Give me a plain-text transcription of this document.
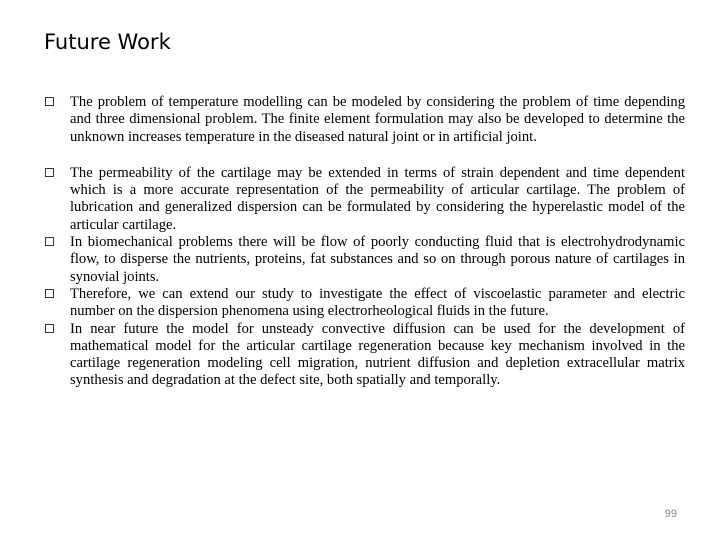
Future Work
The problem of temperature modelling can be modeled by considering the problem of time depending and three dimensional problem. The finite element formulation may also be developed to determine the unknown increases temperature in the diseased natural joint or in artificial joint.
The permeability of the cartilage may be extended in terms of strain dependent and time dependent which is a more accurate representation of the permeability of articular cartilage. The problem of lubrication and generalized dispersion can be formulated by considering the hyperelastic model of the articular cartilage.
In biomechanical problems there will be flow of poorly conducting fluid that is electrohydrodynamic flow, to disperse the nutrients, proteins, fat substances and so on through porous nature of cartilages in synovial joints.
Therefore, we can extend our study to investigate the effect of viscoelastic parameter and electric number on the dispersion phenomena using electrorheological fluids in the future.
In near future the model for unsteady convective diffusion can be used for the development of mathematical model for the articular cartilage regeneration because key mechanism involved in the cartilage regeneration modeling cell migration, nutrient diffusion and depletion extracellular matrix synthesis and degradation at the defect site, both spatially and temporally.
99
